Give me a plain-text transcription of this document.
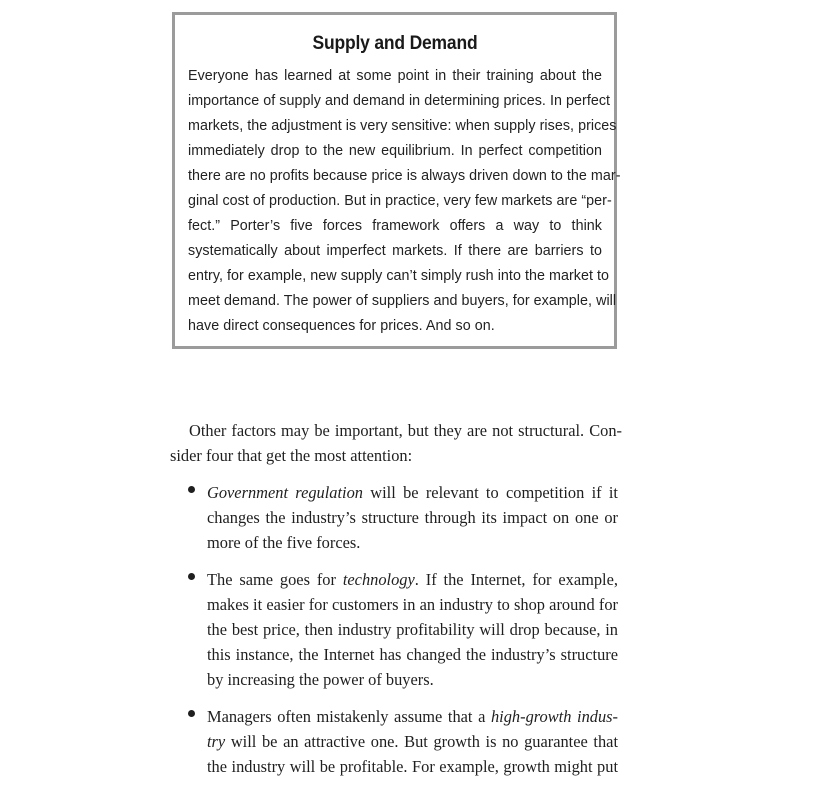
Supply and Demand
Everyone has learned at some point in their training about the
importance of supply and demand in determining prices. In perfect
markets, the adjustment is very sensitive: when supply rises, prices
immediately drop to the new equilibrium. In perfect competition
there are no profits because price is always driven down to the mar-
ginal cost of production. But in practice, very few markets are “per-
fect.” Porter’s five forces framework offers a way to think
systematically about imperfect markets. If there are barriers to
entry, for example, new supply can’t simply rush into the market to
meet demand. The power of suppliers and buyers, for example, will
have direct consequences for prices. And so on.
Other factors may be important, but they are not structural. Con-
sider four that get the most attention:
Government regulation will be relevant to competition if it
changes the industry’s structure through its impact on one or
more of the five forces.
The same goes for technology. If the Internet, for example,
makes it easier for customers in an industry to shop around for
the best price, then industry profitability will drop because, in
this instance, the Internet has changed the industry’s structure
by increasing the power of buyers.
Managers often mistakenly assume that a high-growth indus-
try will be an attractive one. But growth is no guarantee that
the industry will be profitable. For example, growth might put
